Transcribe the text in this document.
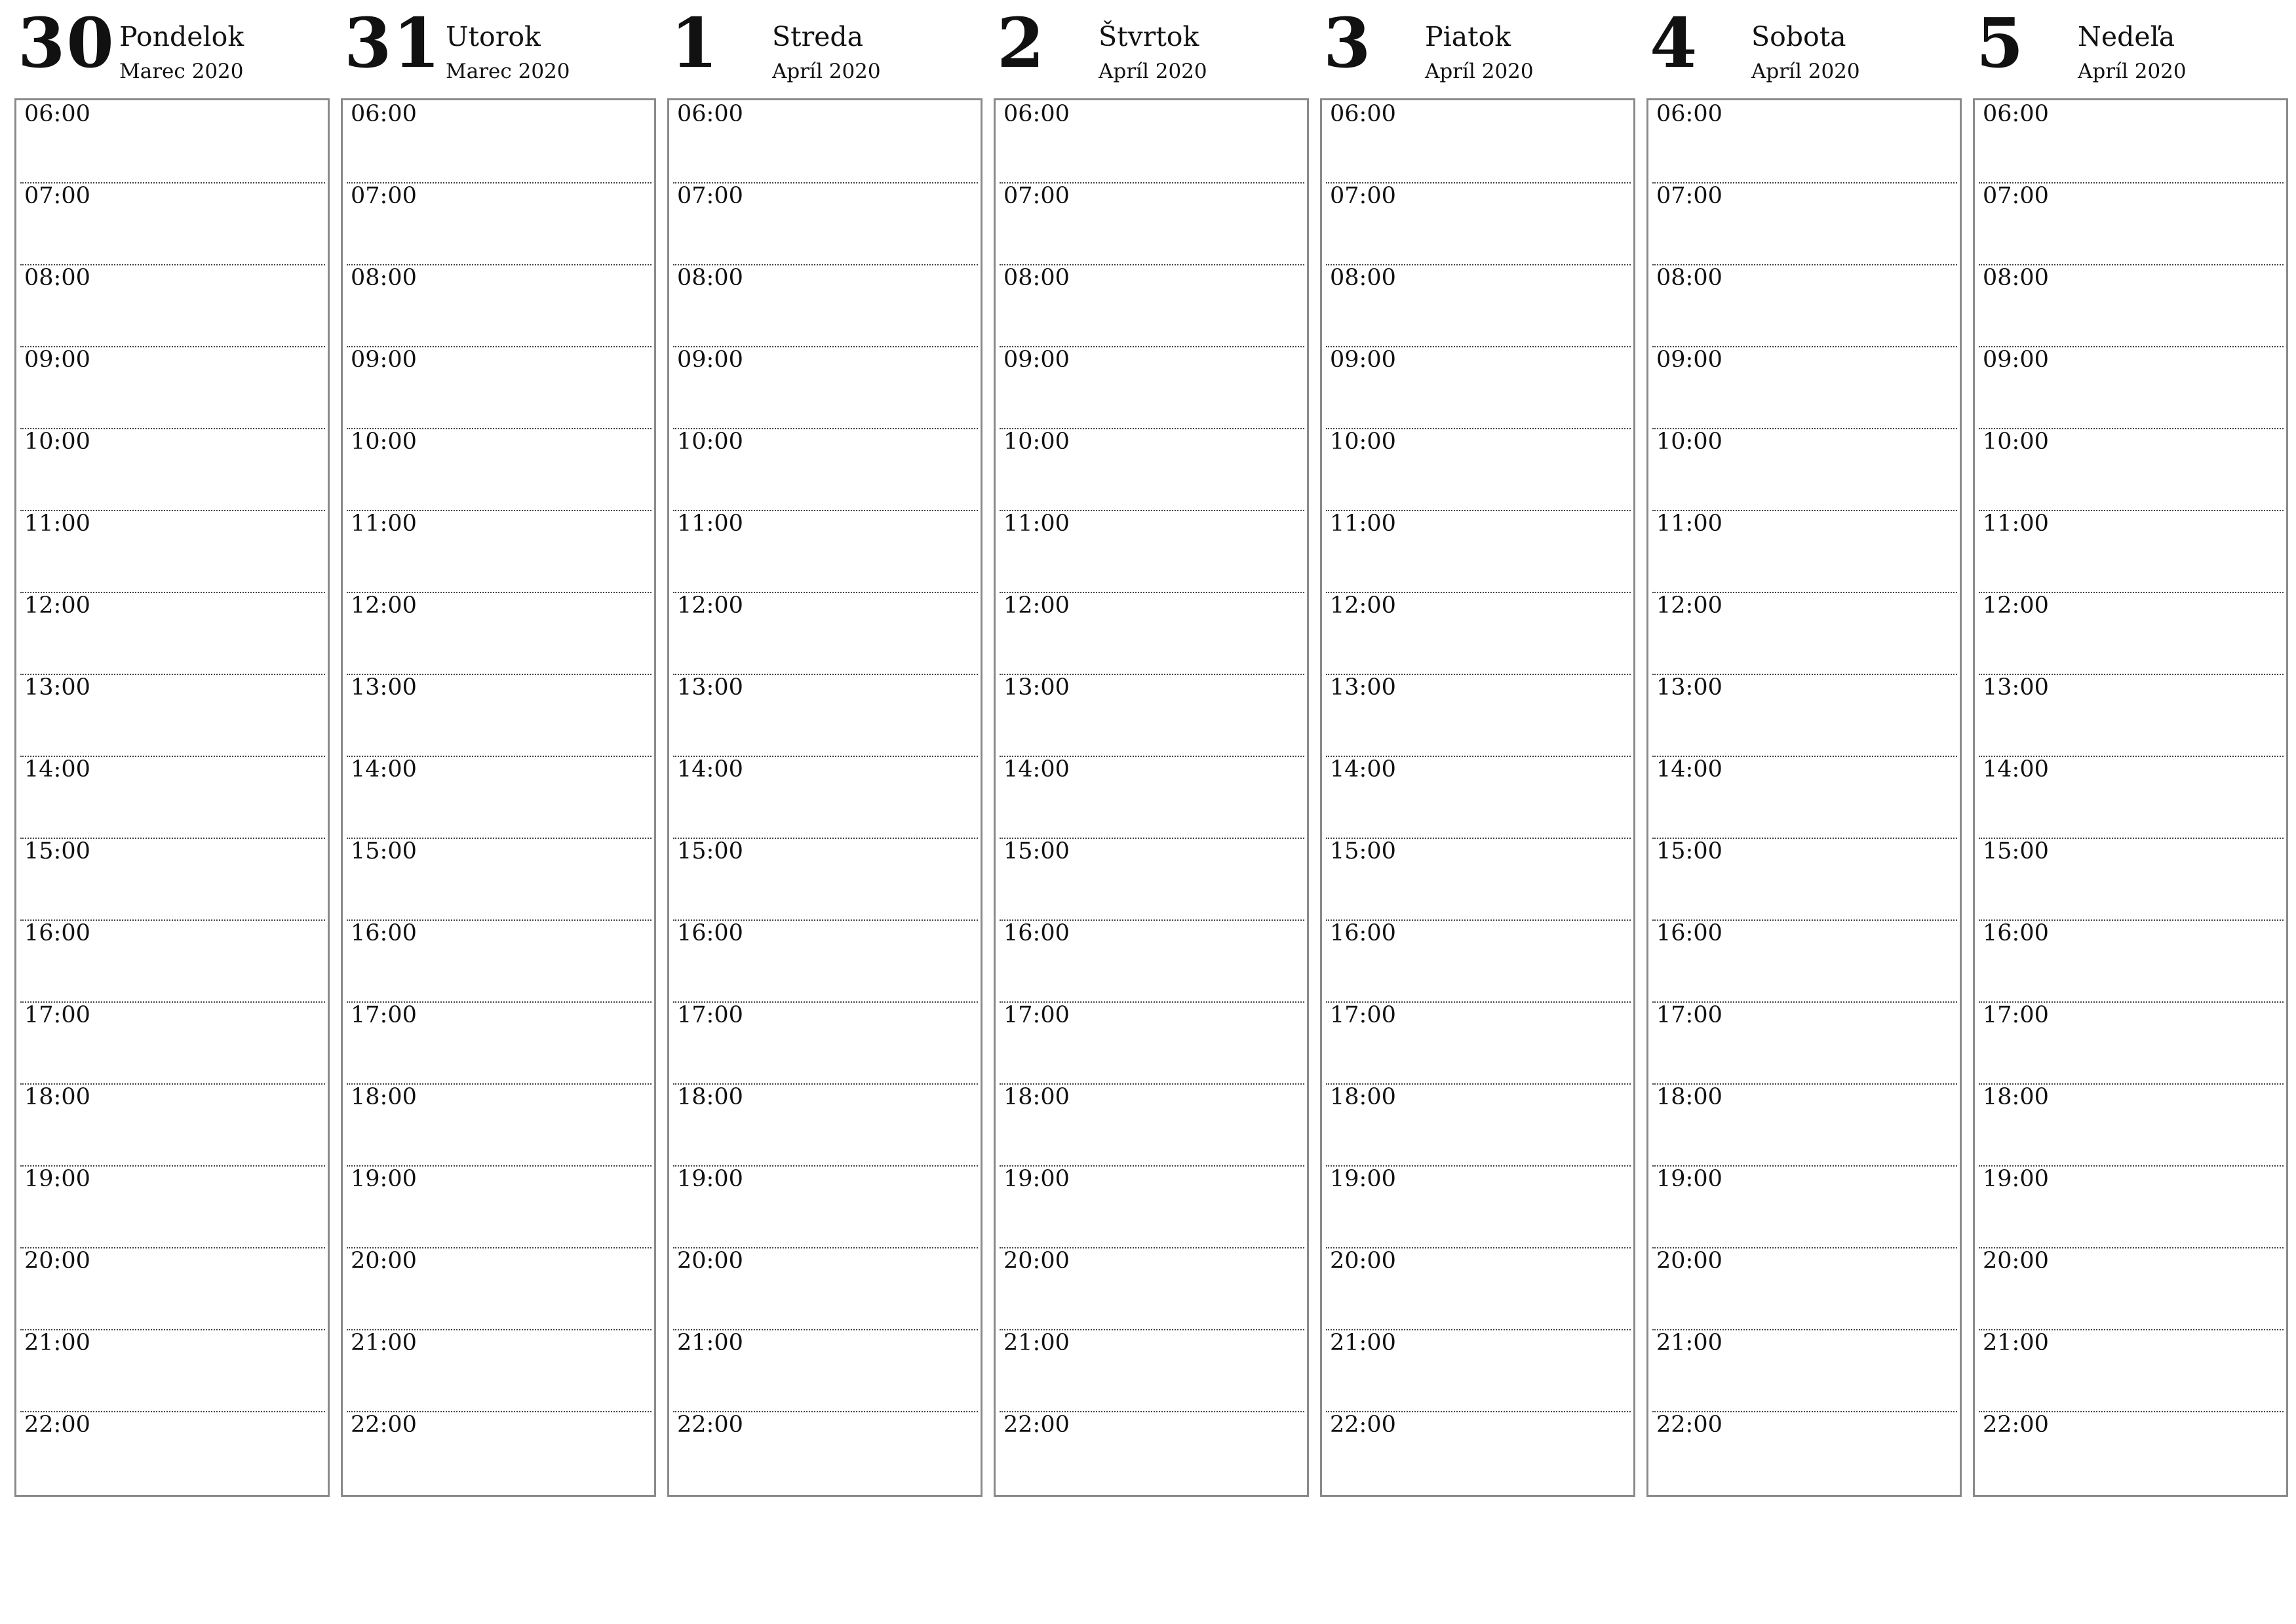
30 Pondelok
Marec 2020
06:00
07:00
08:00
09:00
10:00
11:00
12:00
13:00
14:00
15:00
16:00
17:00
18:00
19:00
20:00
21:00
22:00
31 Utorok
Marec 2020
06:00
07:00
08:00
09:00
10:00
11:00
12:00
13:00
14:00
15:00
16:00
17:00
18:00
19:00
20:00
21:00
22:00
1 Streda
Apríl 2020
06:00
07:00
08:00
09:00
10:00
11:00
12:00
13:00
14:00
15:00
16:00
17:00
18:00
19:00
20:00
21:00
22:00
2 Štvrtok
Apríl 2020
06:00
07:00
08:00
09:00
10:00
11:00
12:00
13:00
14:00
15:00
16:00
17:00
18:00
19:00
20:00
21:00
22:00
3 Piatok
Apríl 2020
06:00
07:00
08:00
09:00
10:00
11:00
12:00
13:00
14:00
15:00
16:00
17:00
18:00
19:00
20:00
21:00
22:00
4 Sobota
Apríl 2020
06:00
07:00
08:00
09:00
10:00
11:00
12:00
13:00
14:00
15:00
16:00
17:00
18:00
19:00
20:00
21:00
22:00
5 Nedeľa
Apríl 2020
06:00
07:00
08:00
09:00
10:00
11:00
12:00
13:00
14:00
15:00
16:00
17:00
18:00
19:00
20:00
21:00
22:00
